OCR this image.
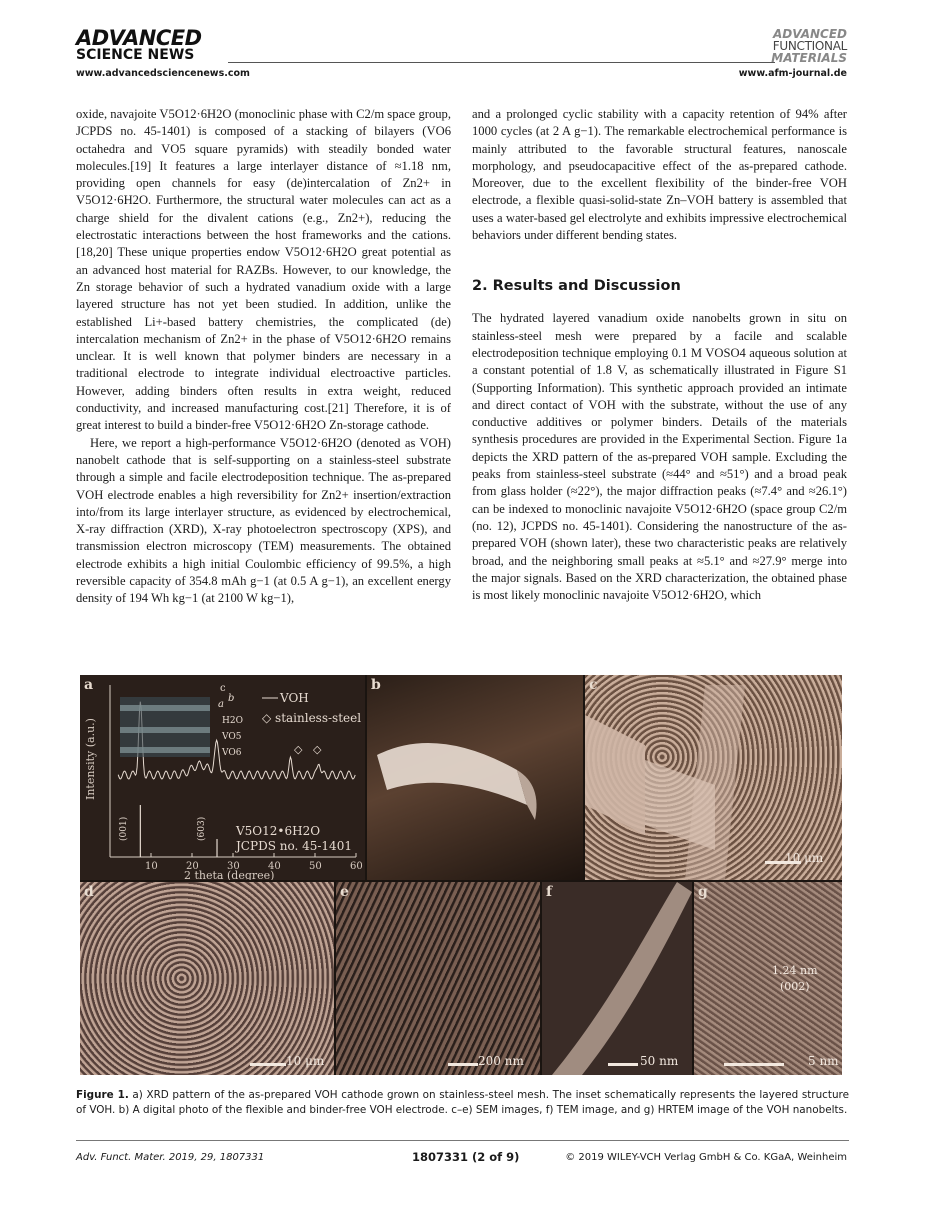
ADVANCED
SCIENCE NEWS
ADVANCED
FUNCTIONAL
MATERIALS
www.advancedsciencenews.com	www.afm-journal.de

oxide, navajoite V5O12·6H2O (monoclinic phase with C2/m space group, JCPDS no. 45-1401) is composed of a stacking of bilayers (VO6 octahedra and VO5 square pyramids) with steadily bonded water molecules.[19] It features a large interlayer distance of ≈1.18 nm, providing open channels for easy (de)intercalation of Zn2+ in V5O12·6H2O. Furthermore, the structural water molecules can act as a charge shield for the divalent cations (e.g., Zn2+), reducing the electrostatic interactions between the host frameworks and the cations.[18,20] These unique properties endow V5O12·6H2O great potential as an advanced host material for RAZBs. However, to our knowledge, the Zn storage behavior of such a hydrated vanadium oxide with a large layered structure has not yet been studied. In addition, unlike the established Li+-based battery chemistries, the complicated (de) intercalation mechanism of Zn2+ in the phase of V5O12·6H2O remains unclear. It is well known that polymer binders are necessary in a traditional electrode to integrate individual electroactive particles. However, adding binders often results in extra weight, reduced conductivity, and increased manufacturing cost.[21] Therefore, it is of great interest to build a binder-free V5O12·6H2O Zn-storage cathode.

Here, we report a high-performance V5O12·6H2O (denoted as VOH) nanobelt cathode that is self-supporting on a stainless-steel substrate through a simple and facile electrodeposition technique. The as-prepared VOH electrode enables a high reversibility for Zn2+ insertion/extraction into/from its large interlayer structure, as evidenced by electrochemical, X-ray diffraction (XRD), X-ray photoelectron spectroscopy (XPS), and transmission electron microscopy (TEM) measurements. The obtained electrode exhibits a high initial Coulombic efficiency of 99.5%, a high reversible capacity of 354.8 mAh g−1 (at 0.5 A g−1), an excellent energy density of 194 Wh kg−1 (at 2100 W kg−1),

and a prolonged cyclic stability with a capacity retention of 94% after 1000 cycles (at 2 A g−1). The remarkable electrochemical performance is mainly attributed to the favorable structural features, nanoscale morphology, and pseudocapacitive effect of the as-prepared cathode. Moreover, due to the excellent flexibility of the binder-free VOH electrode, a flexible quasi-solid-state Zn–VOH battery is assembled that uses a water-based gel electrolyte and exhibits impressive electrochemical behaviors under different bending states.

2. Results and Discussion

The hydrated layered vanadium oxide nanobelts grown in situ on stainless-steel mesh were prepared by a facile and scalable electrodeposition technique employing 0.1 M VOSO4 aqueous solution at a constant potential of 1.8 V, as schematically illustrated in Figure S1 (Supporting Information). This synthetic approach provided an intimate and direct contact of VOH with the substrate, without the use of any conductive additives or polymer binders. Details of the materials synthesis procedures are provided in the Experimental Section. Figure 1a depicts the XRD pattern of the as-prepared VOH sample. Excluding the peaks from stainless-steel substrate (≈44° and ≈51°) and a broad peak from glass holder (≈22°), the major diffraction peaks (≈7.4° and ≈26.1°) can be indexed to monoclinic navajoite V5O12·6H2O (space group C2/m (no. 12), JCPDS no. 45-1401). Considering the nanostructure of the as-prepared VOH (shown later), these two characteristic peaks are relatively broad, and the neighboring small peaks at ≈5.1° and ≈27.9° merge into the major signals. Based on the XRD characterization, the obtained phase is most likely monoclinic navajoite V5O12·6H2O, which

10	20	30	40	50	60
◇ ◇
Intensity (a.u.)
2 theta (degree)
VOH
◇ stainless-steel
c
b
a
H2O
VO5
VO6
V5O12•6H2O
JCPDS no. 45-1401
(001)	(603)
a	b	c
10 μm
d
10 μm
e
200 nm
f
50 nm
g
1.24 nm
(002)
5 nm
Figure 1. a) XRD pattern of the as-prepared VOH cathode grown on stainless-steel mesh. The inset schematically represents the layered structure of VOH. b) A digital photo of the flexible and binder-free VOH electrode. c–e) SEM images, f) TEM image, and g) HRTEM image of the VOH nanobelts.
Adv. Funct. Mater. 2019, 29, 1807331	1807331 (2 of 9)	© 2019 WILEY-VCH Verlag GmbH & Co. KGaA, Weinheim
